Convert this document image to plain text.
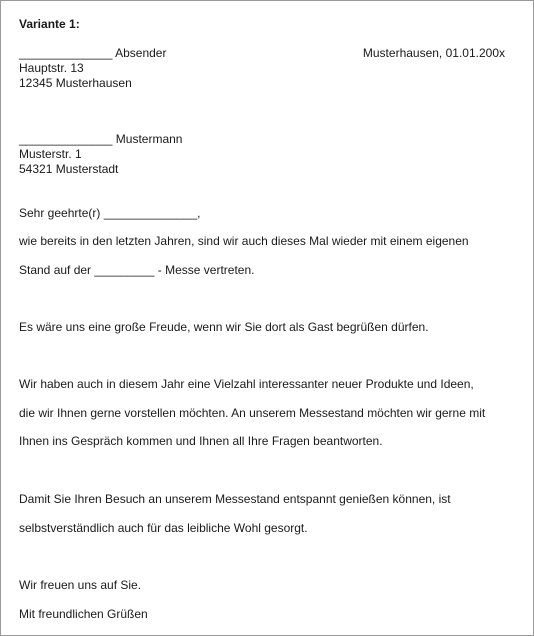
Variante 1:
______________ Absender	Musterhausen, 01.01.200x
Hauptstr. 13
12345 Musterhausen
______________ Mustermann
Musterstr. 1
54321 Musterstadt
Sehr geehrte(r) ______________,
wie bereits in den letzten Jahren, sind wir auch dieses Mal wieder mit einem eigenen
Stand auf der _________ - Messe vertreten.
Es wäre uns eine große Freude, wenn wir Sie dort als Gast begrüßen dürfen.
Wir haben auch in diesem Jahr eine Vielzahl interessanter neuer Produkte und Ideen,
die wir Ihnen gerne vorstellen möchten. An unserem Messestand möchten wir gerne mit
Ihnen ins Gespräch kommen und Ihnen all Ihre Fragen beantworten.
Damit Sie Ihren Besuch an unserem Messestand entspannt genießen können, ist
selbstverständlich auch für das leibliche Wohl gesorgt.
Wir freuen uns auf Sie.
Mit freundlichen Grüßen
